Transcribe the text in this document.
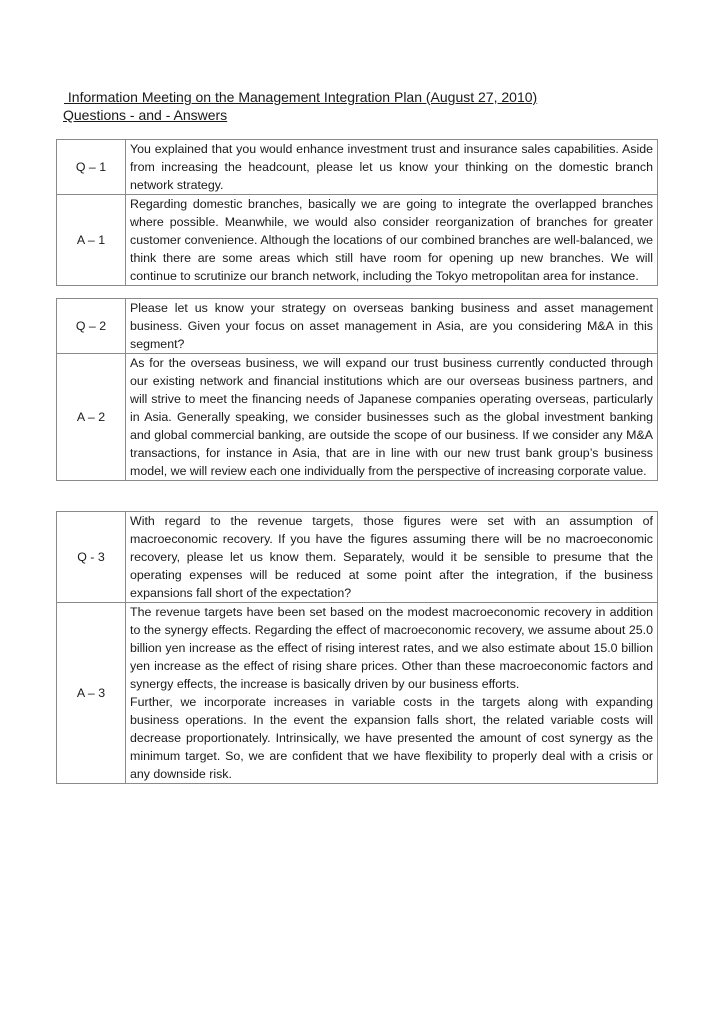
Information Meeting on the Management Integration Plan (August 27, 2010)
Questions - and - Answers
Q – 1	You explained that you would enhance investment trust and insurance sales capabilities. Aside from increasing the headcount, please let us know your thinking on the domestic branch network strategy.
A – 1	Regarding domestic branches, basically we are going to integrate the overlapped branches where possible. Meanwhile, we would also consider reorganization of branches for greater customer convenience. Although the locations of our combined branches are well-balanced, we think there are some areas which still have room for opening up new branches. We will continue to scrutinize our branch network, including the Tokyo metropolitan area for instance.
Q – 2	Please let us know your strategy on overseas banking business and asset management business. Given your focus on asset management in Asia, are you considering M&A in this segment?
A – 2	As for the overseas business, we will expand our trust business currently conducted through our existing network and financial institutions which are our overseas business partners, and will strive to meet the financing needs of Japanese companies operating overseas, particularly in Asia. Generally speaking, we consider businesses such as the global investment banking and global commercial banking, are outside the scope of our business. If we consider any M&A transactions, for instance in Asia, that are in line with our new trust bank group’s business model, we will review each one individually from the perspective of increasing corporate value.
Q - 3	With regard to the revenue targets, those figures were set with an assumption of macroeconomic recovery. If you have the figures assuming there will be no macroeconomic recovery, please let us know them. Separately, would it be sensible to presume that the operating expenses will be reduced at some point after the integration, if the business expansions fall short of the expectation?
A – 3	The revenue targets have been set based on the modest macroeconomic recovery in addition to the synergy effects. Regarding the effect of macroeconomic recovery, we assume about 25.0 billion yen increase as the effect of rising interest rates, and we also estimate about 15.0 billion yen increase as the effect of rising share prices. Other than these macroeconomic factors and synergy effects, the increase is basically driven by our business efforts.
Further, we incorporate increases in variable costs in the targets along with expanding business operations. In the event the expansion falls short, the related variable costs will decrease proportionately. Intrinsically, we have presented the amount of cost synergy as the minimum target. So, we are confident that we have flexibility to properly deal with a crisis or any downside risk.
